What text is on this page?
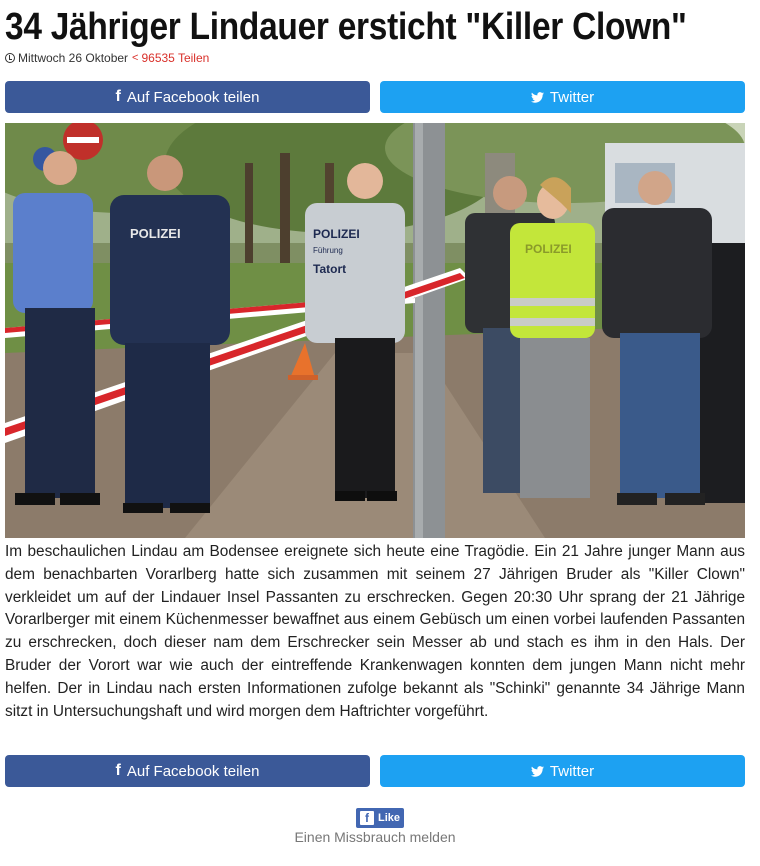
34 Jähriger Lindauer ersticht "Killer Clown"
Mittwoch 26 Oktober < 96535 Teilen
f Auf Facebook teilen	Twitter
POLIZEI	POLIZEI
Führung
Tatort
POLIZEI

Im beschaulichen Lindau am Bodensee ereignete sich heute eine Tragödie. Ein 21 Jahre junger Mann aus dem benachbarten Vorarlberg hatte sich zusammen mit seinem 27 Jährigen Bruder als "Killer Clown" verkleidet um auf der Lindauer Insel Passanten zu erschrecken. Gegen 20:30 Uhr sprang der 21 Jährige Vorarlberger mit einem Küchenmesser bewaffnet aus einem Gebüsch um einen vorbei laufenden Passanten zu erschrecken, doch dieser nam dem Erschrecker sein Messer ab und stach es ihm in den Hals. Der Bruder der Vorort war wie auch der eintreffende Krankenwagen konnten dem jungen Mann nicht mehr helfen. Der in Lindau nach ersten Informationen zufolge bekannt als "Schinki" genannte 34 Jährige Mann sitzt in Untersuchungshaft und wird morgen dem Haftrichter vorgeführt.

f Auf Facebook teilen	Twitter
f Like
Einen Missbrauch melden
